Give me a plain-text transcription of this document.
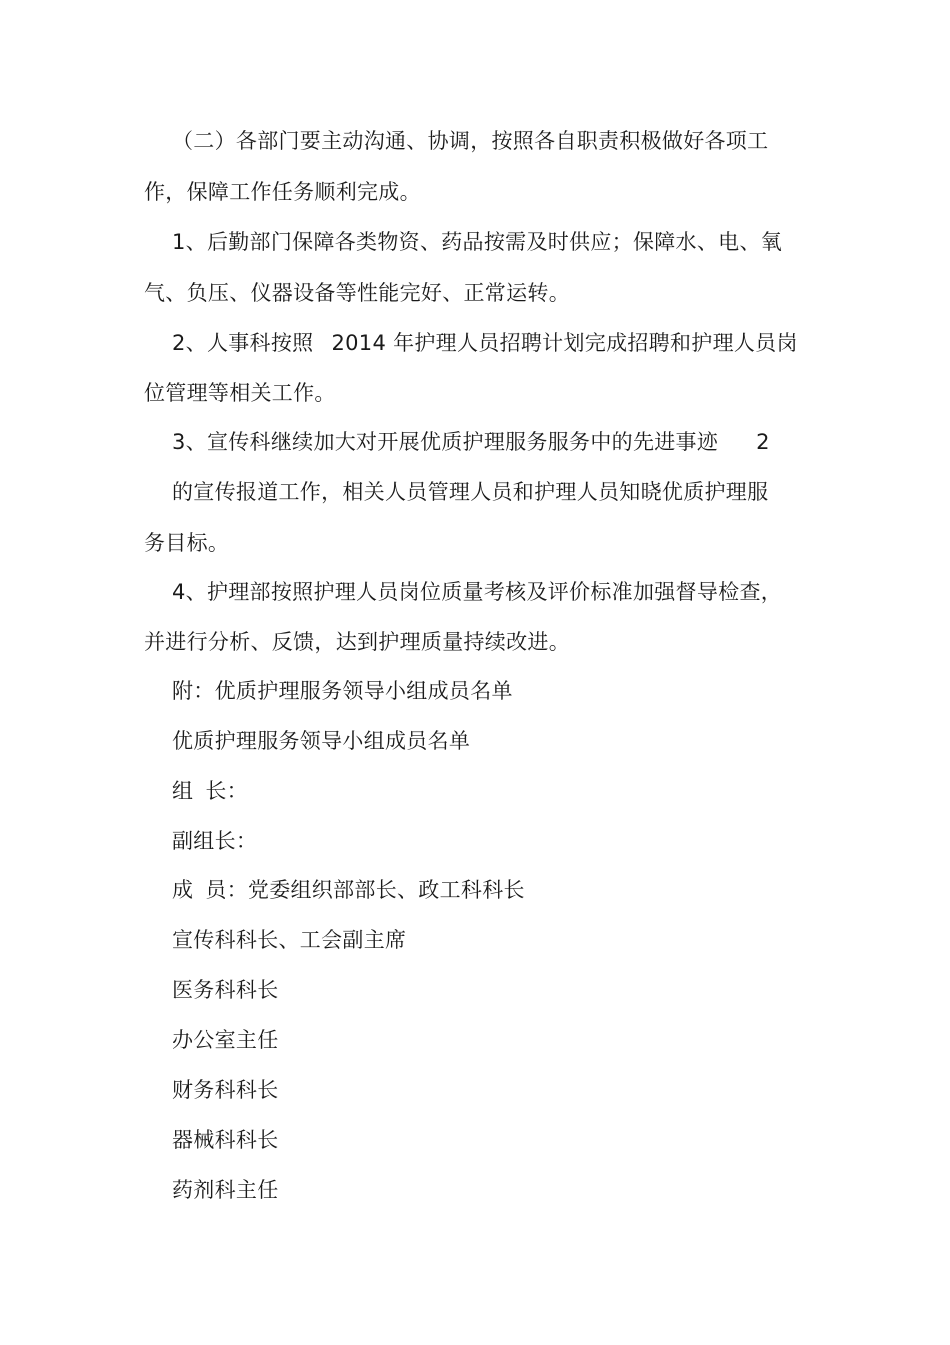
（二）各部门要主动沟通、协调，按照各自职责积极做好各项工
作，保障工作任务顺利完成。
1、后勤部门保障各类物资、药品按需及时供应；保障水、电、氧
气、负压、仪器设备等性能完好、正常运转。
2、人事科按照 2014 年护理人员招聘计划完成招聘和护理人员岗
位管理等相关工作。
3、宣传科继续加大对开展优质护理服务服务中的先进事迹 2
的宣传报道工作，相关人员管理人员和护理人员知晓优质护理服
务目标。
4、护理部按照护理人员岗位质量考核及评价标准加强督导检查，
并进行分析、反馈，达到护理质量持续改进。
附：优质护理服务领导小组成员名单
优质护理服务领导小组成员名单
组 长：
副组长：
成 员：党委组织部部长、政工科科长
宣传科科长、工会副主席
医务科科长
办公室主任
财务科科长
器械科科长
药剂科主任
